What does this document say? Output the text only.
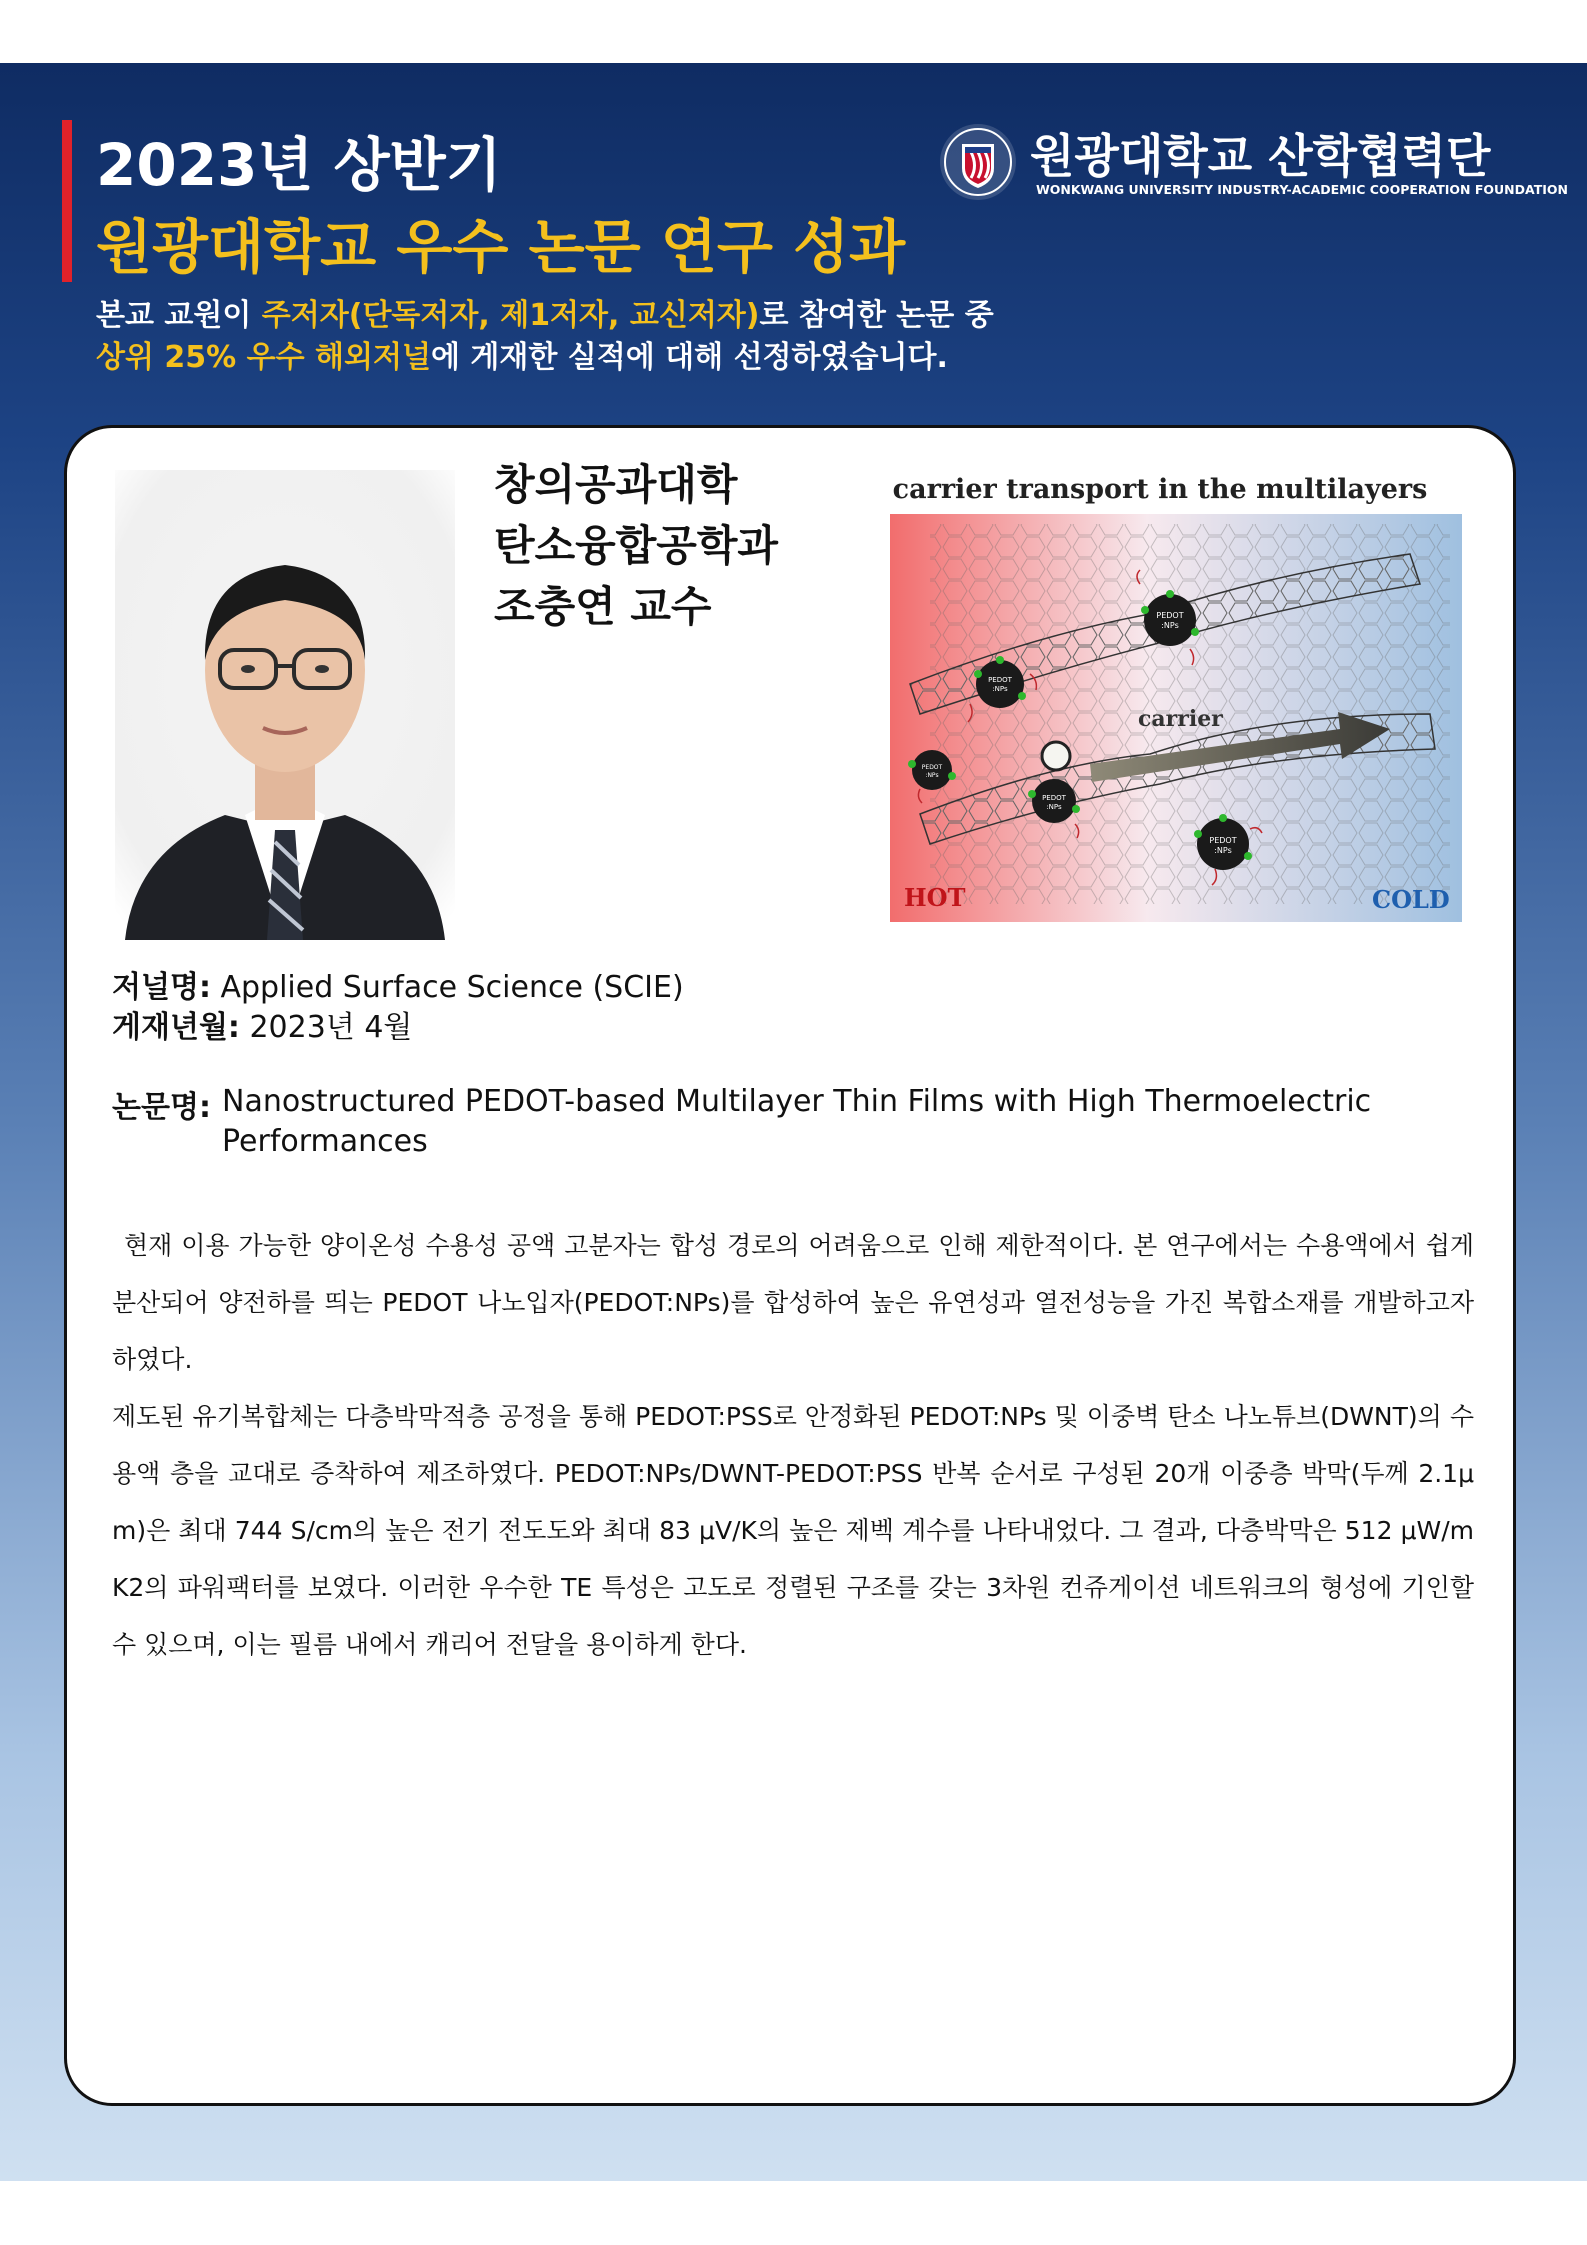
2023년 상반기
원광대학교 우수 논문 연구 성과
본교 교원이 주저자(단독저자, 제1저자, 교신저자)로 참여한 논문 중
상위 25% 우수 해외저널에 게재한 실적에 대해 선정하였습니다.
원광대학교 산학협력단
WONKWANG UNIVERSITY INDUSTRY-ACADEMIC COOPERATION FOUNDATION
창의공과대학
탄소융합공학과
조충연 교수
carrier transport in the multilayers
carrier
PEDOT
:NPs
PEDOT
:NPs
PEDOT
:NPs
PEDOT
:NPs
PEDOT
:NPs
HOT	COLD
저널명: Applied Surface Science (SCIE)
게재년월: 2023년 4월
논문명: Nanostructured PEDOT-based Multilayer Thin Films with High Thermoelectric Performances

현재 이용 가능한 양이온성 수용성 공액 고분자는 합성 경로의 어려움으로 인해 제한적이다. 본 연구에서는 수용액에서 쉽게 분산되어 양전하를 띄는 PEDOT 나노입자(PEDOT:NPs)를 합성하여 높은 유연성과 열전성능을 가진 복합소재를 개발하고자 하였다.

제도된 유기복합체는 다층박막적층 공정을 통해 PEDOT:PSS로 안정화된 PEDOT:NPs 및 이중벽 탄소 나노튜브(DWNT)의 수용액 층을 교대로 증착하여 제조하였다. PEDOT:NPs/DWNT-PEDOT:PSS 반복 순서로 구성된 20개 이중층 박막(두께 2.1μm)은 최대 744 S/cm의 높은 전기 전도도와 최대 83 μV/K의 높은 제벡 계수를 나타내었다. 그 결과, 다층박막은 512 μW/mK2의 파워팩터를 보였다. 이러한 우수한 TE 특성은 고도로 정렬된 구조를 갖는 3차원 컨쥬게이션 네트워크의 형성에 기인할 수 있으며, 이는 필름 내에서 캐리어 전달을 용이하게 한다.
